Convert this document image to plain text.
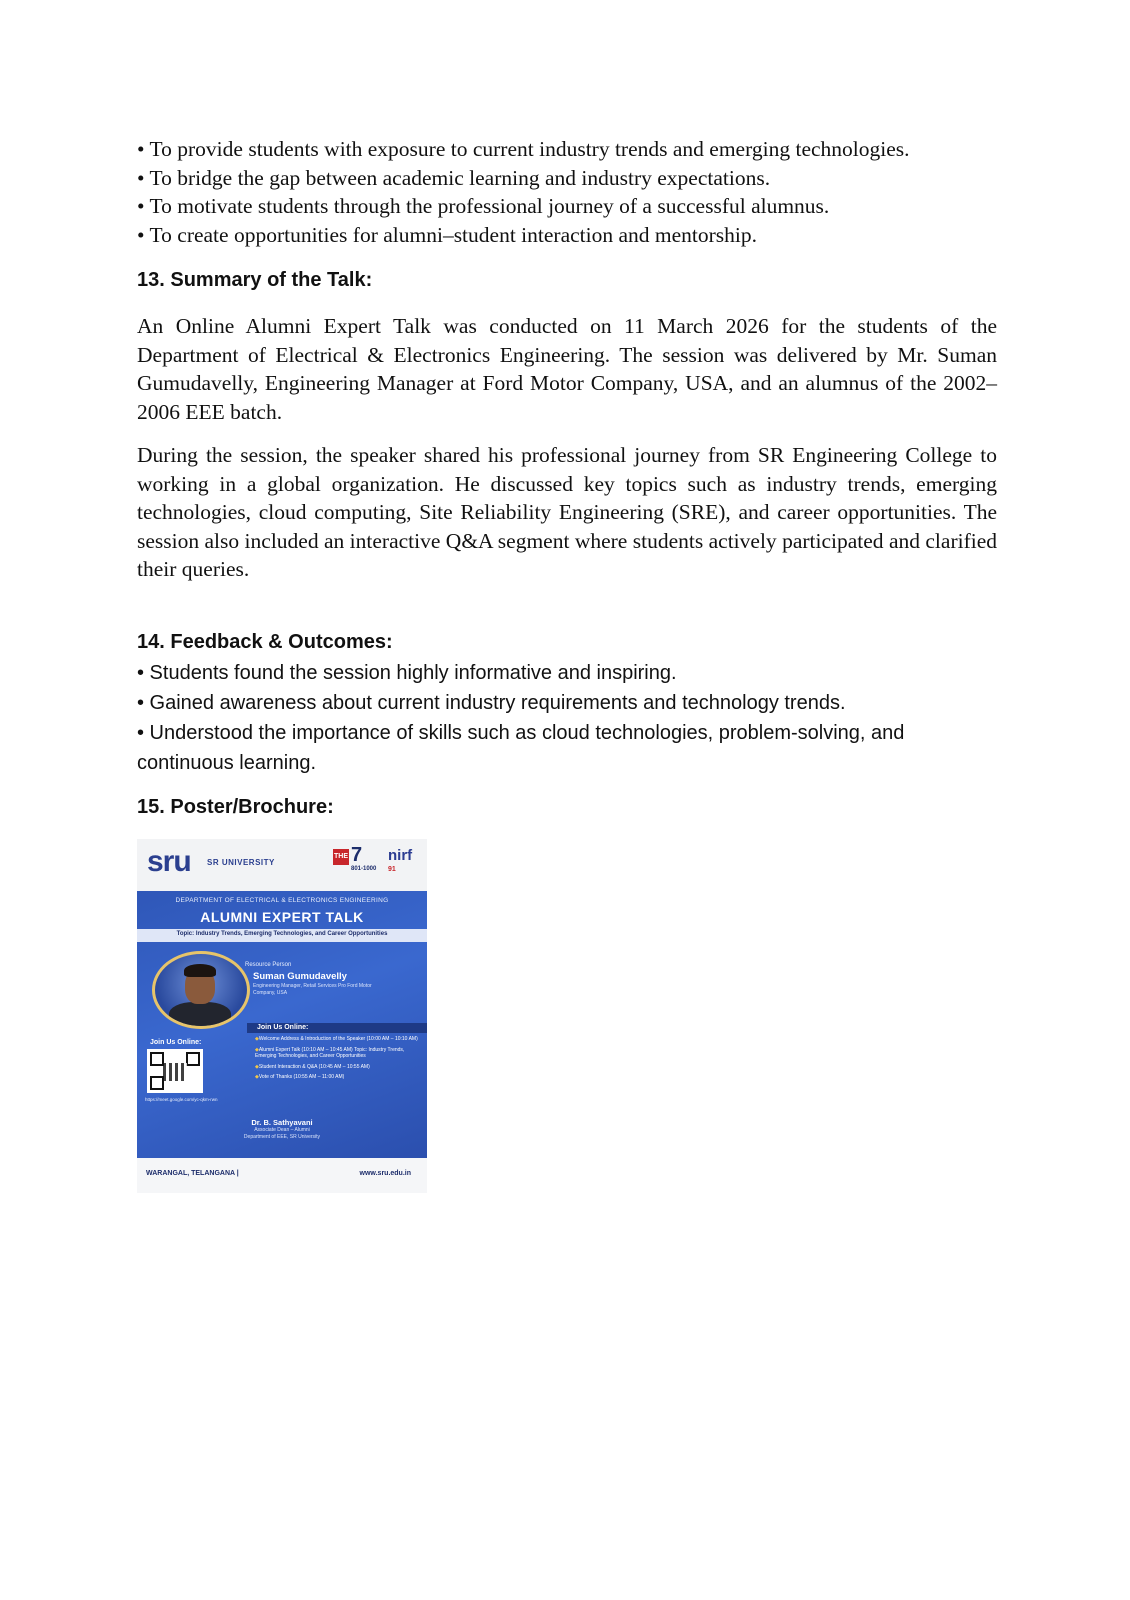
• To provide students with exposure to current industry trends and emerging technologies.
• To bridge the gap between academic learning and industry expectations.
• To motivate students through the professional journey of a successful alumnus.
• To create opportunities for alumni–student interaction and mentorship.
13. Summary of the Talk:

An Online Alumni Expert Talk was conducted on 11 March 2026 for the students of the Department of Electrical & Electronics Engineering. The session was delivered by Mr. Suman Gumudavelly, Engineering Manager at Ford Motor Company, USA, and an alumnus of the 2002–2006 EEE batch.

During the session, the speaker shared his professional journey from SR Engineering College to working in a global organization. He discussed key topics such as industry trends, emerging technologies, cloud computing, Site Reliability Engineering (SRE), and career opportunities. The session also included an interactive Q&A segment where students actively participated and clarified their queries.

14. Feedback & Outcomes:
• Students found the session highly informative and inspiring.
• Gained awareness about current industry requirements and technology trends.
• Understood the importance of skills such as cloud technologies, problem-solving, and continuous learning.
15. Poster/Brochure:
sru SR UNIVERSITY
THE 7
801-1000
nirf
91
DEPARTMENT OF ELECTRICAL & ELECTRONICS ENGINEERING
ALUMNI EXPERT TALK
Topic: Industry Trends, Emerging Technologies, and Career Opportunities
Resource Person
Suman Gumudavelly
Engineering Manager, Retail Services Pro Ford Motor Company, USA
Join Us Online:
Join Us Online:
https://meet.google.com/yc-qkm-rwn
◆ Welcome Address & Introduction of the Speaker (10:00 AM – 10:10 AM)
◆ Alumni Expert Talk (10:10 AM – 10:45 AM) Topic: Industry Trends, Emerging Technologies, and Career Opportunities
◆ Student Interaction & Q&A (10:45 AM – 10:55 AM)
◆ Vote of Thanks (10:55 AM – 11:00 AM)
Dr. B. Sathyavani
Associate Dean – Alumni
Department of EEE, SR University
WARANGAL, TELANGANA |	www.sru.edu.in
